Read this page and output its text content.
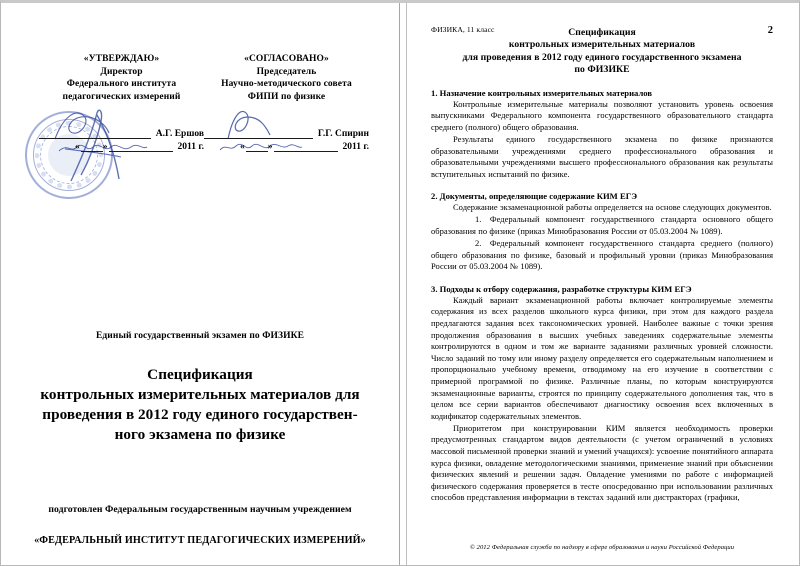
«УТВЕРЖДАЮ»
Директор
Федерального института
педагогических измерений
А.Г. Ершов
« »	2011 г.
«СОГЛАСОВАНО»
Председатель
Научно-методического совета
ФИПИ по физике
Г.Г. Спирин
« »	2011 г.
Единый государственный экзамен по ФИЗИКЕ
Спецификация
контрольных измерительных материалов для
проведения в 2012 году единого государствен-
ного экзамена по физике
подготовлен Федеральным государственным научным учреждением
«ФЕДЕРАЛЬНЫЙ ИНСТИТУТ ПЕДАГОГИЧЕСКИХ ИЗМЕРЕНИЙ»
ФИЗИКА, 11 класс	2
Спецификация
контрольных измерительных материалов
для проведения в 2012 году единого государственного экзамена
по ФИЗИКЕ
1. Назначение контрольных измерительных материалов

Контрольные измерительные материалы позволяют установить уровень освоения выпускниками Федерального компонента государственного образовательного стандарта среднего (полного) общего образования.

Результаты единого государственного экзамена по физике признаются образовательными учреждениями среднего профессионального образования и образовательными учреждениями высшего профессионального образования как результаты вступительных испытаний по физике.

2. Документы, определяющие содержание КИМ ЕГЭ

Содержание экзаменационной работы определяется на основе следующих документов.

1. Федеральный компонент государственного стандарта основного общего образования по физике (приказ Минобразования России от 05.03.2004 № 1089).

2. Федеральный компонент государственного стандарта среднего (полного) общего образования по физике, базовый и профильный уровни (приказ Минобразования России от 05.03.2004 № 1089).

3. Подходы к отбору содержания, разработке структуры КИМ ЕГЭ

Каждый вариант экзаменационной работы включает контролируемые элементы содержания из всех разделов школьного курса физики, при этом для каждого раздела предлагаются задания всех таксономических уровней. Наиболее важные с точки зрения продолжения образования в высших учебных заведениях содержательные элементы контролируются в одном и том же варианте заданиями различных уровней сложности. Число заданий по тому или иному разделу определяется его содержательным наполнением и пропорционально учебному времени, отводимому на его изучение в соответствии с примерной программой по физике. Различные планы, по которым конструируются экзаменационные варианты, строятся по принципу содержательного дополнения так, что в целом все серии вариантов обеспечивают диагностику освоения всех включенных в кодификатор содержательных элементов.

Приоритетом при конструировании КИМ является необходимость проверки предусмотренных стандартом видов деятельности (с учетом ограничений в условиях массовой письменной проверки знаний и умений учащихся): усвоение понятийного аппарата курса физики, овладение методологическими знаниями, применение знаний при объяснении физических явлений и решении задач. Овладение умениями по работе с информацией физического содержания проверяется в тесте опосредованно при использовании различных способов представления информации в текстах заданий или дистракторах (графики,

© 2012 Федеральная служба по надзору в сфере образования и науки Российской Федерации
